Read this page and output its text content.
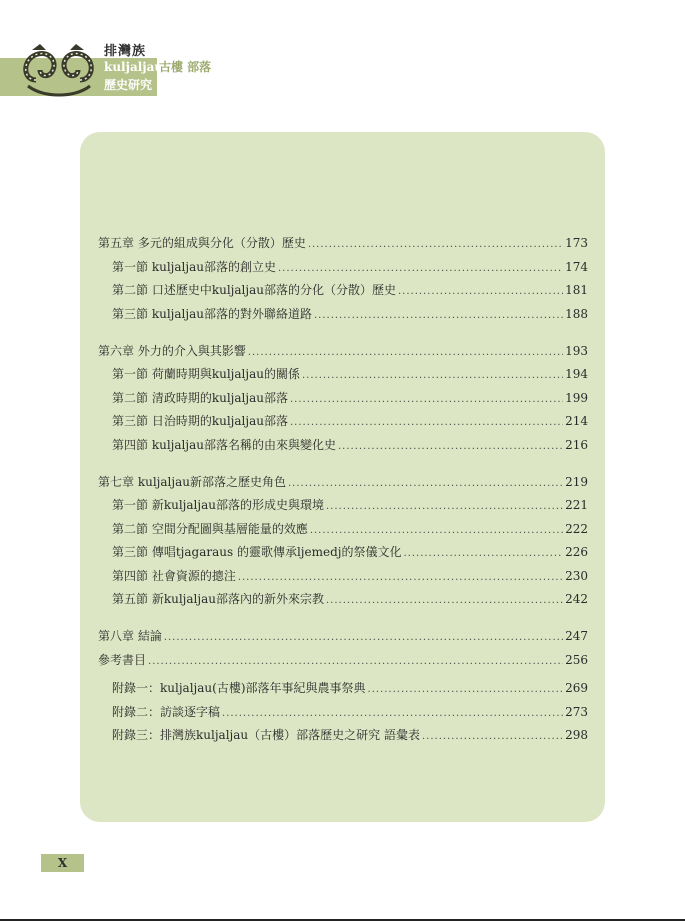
排灣族
kuljaljau
歷史研究
古樓 部落
第五章 多元的組成與分化（分散）歷史 .....	173
第一節 kuljaljau部落的創立史 .....	174
第二節 口述歷史中kuljaljau部落的分化（分散）歷史 .....	181
第三節 kuljaljau部落的對外聯絡道路 .....	188
第六章 外力的介入與其影響 .....	193
第一節 荷蘭時期與kuljaljau的關係 .....	194
第二節 清政時期的kuljaljau部落 .....	199
第三節 日治時期的kuljaljau部落 .....	214
第四節 kuljaljau部落名稱的由來與變化史 .....	216
第七章 kuljaljau新部落之歷史角色 .....	219
第一節 新kuljaljau部落的形成史與環境 .....	221
第二節 空間分配圖與基層能量的效應 .....	222
第三節 傳唱tjagaraus 的靈歌傳承ljemedj的祭儀文化 .....	226
第四節 社會資源的摠注 .....	230
第五節 新kuljaljau部落內的新外來宗教 .....	242
第八章 結論 .....	247
參考書目 .....	256
附錄一：kuljaljau(古樓)部落年事紀與農事祭典 .....	269
附錄二：訪談逐字稿 .....	273
附錄三：排灣族kuljaljau（古樓）部落歷史之研究 語彙表 .....	298
X
